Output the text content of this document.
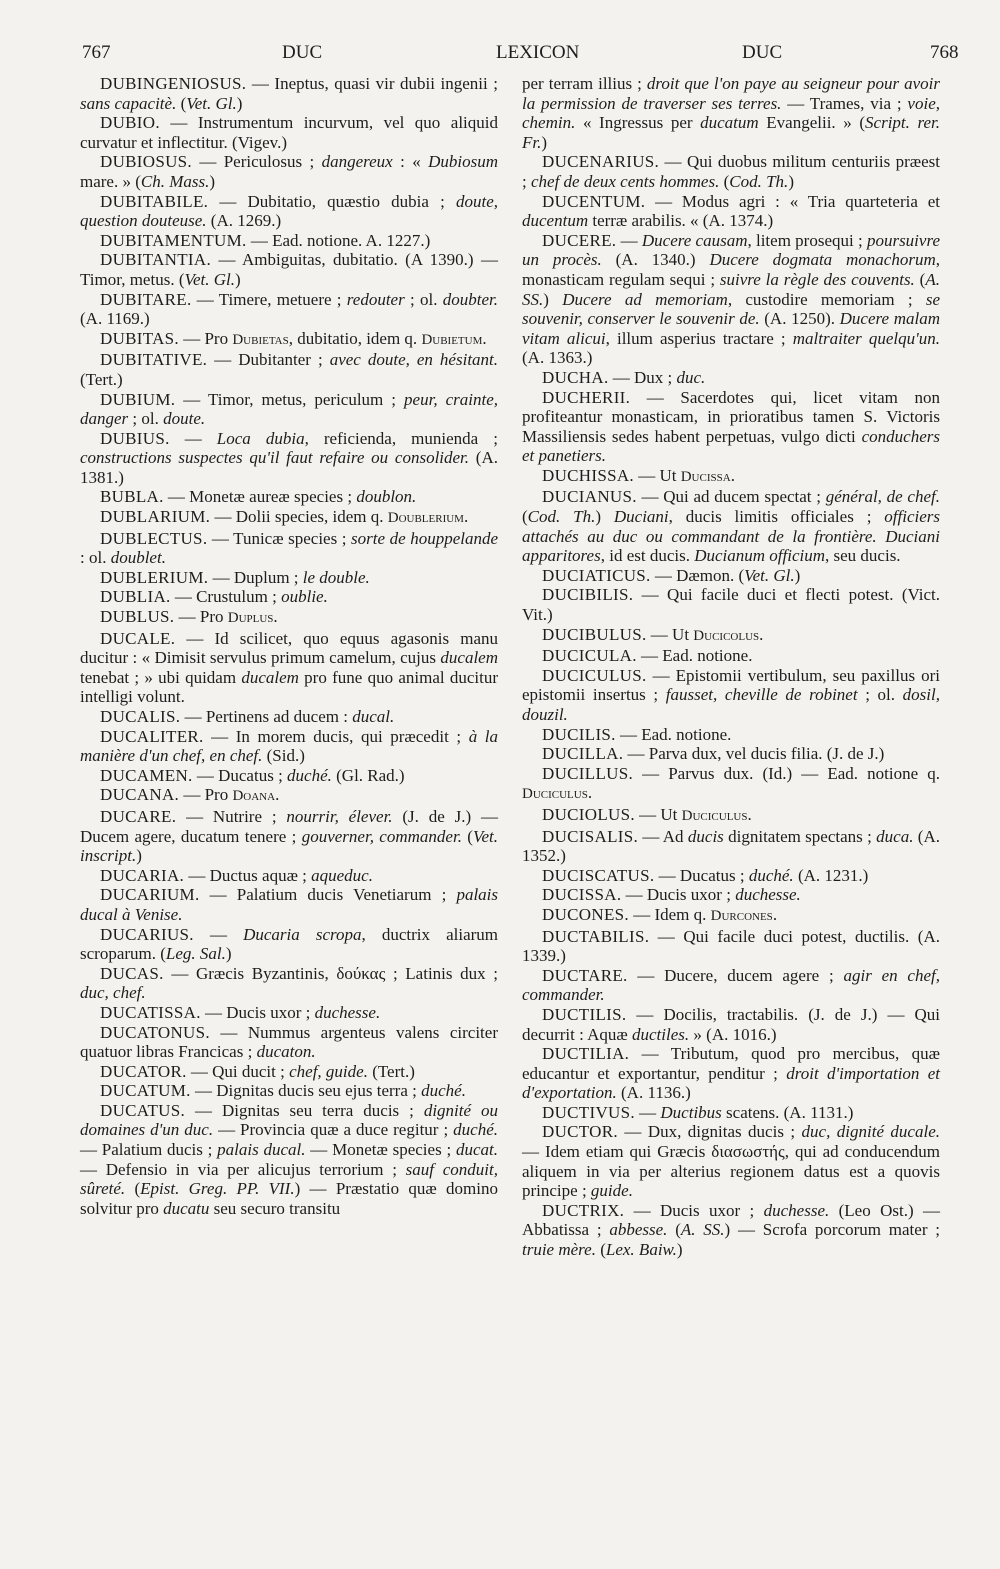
767	DUC	LEXICON	DUC	768

DUBINGENIOSUS. — Ineptus, quasi vir dubii ingenii ; sans capacitè. (Vet. Gl.)

DUBIO. — Instrumentum incurvum, vel quo aliquid curvatur et inflectitur. (Vigev.)

DUBIOSUS. — Periculosus ; dangereux : « Dubiosum mare. » (Ch. Mass.)

DUBITABILE. — Dubitatio, quæstio dubia ; doute, question douteuse. (A. 1269.)

DUBITAMENTUM. — Ead. notione. A. 1227.)

DUBITANTIA. — Ambiguitas, dubitatio. (A 1390.) — Timor, metus. (Vet. Gl.)

DUBITARE. — Timere, metuere ; redouter ; ol. doubter. (A. 1169.)

DUBITAS. — Pro Dubietas, dubitatio, idem q. Dubietum.

DUBITATIVE. — Dubitanter ; avec doute, en hésitant. (Tert.)

DUBIUM. — Timor, metus, periculum ; peur, crainte, danger ; ol. doute.

DUBIUS. — Loca dubia, reficienda, munienda ; constructions suspectes qu'il faut refaire ou consolider. (A. 1381.)

BUBLA. — Monetæ aureæ species ; doublon.

DUBLARIUM. — Dolii species, idem q. Doublerium.

DUBLECTUS. — Tunicæ species ; sorte de houppelande : ol. doublet.

DUBLERIUM. — Duplum ; le double.

DUBLIA. — Crustulum ; oublie.

DUBLUS. — Pro Duplus.

DUCALE. — Id scilicet, quo equus agasonis manu ducitur : « Dimisit servulus primum camelum, cujus ducalem tenebat ; » ubi quidam ducalem pro fune quo animal ducitur intelligi volunt.

DUCALIS. — Pertinens ad ducem : ducal.

DUCALITER. — In morem ducis, qui præcedit ; à la manière d'un chef, en chef. (Sid.)

DUCAMEN. — Ducatus ; duché. (Gl. Rad.)

DUCANA. — Pro Doana.

DUCARE. — Nutrire ; nourrir, élever. (J. de J.) — Ducem agere, ducatum tenere ; gouverner, commander. (Vet. inscript.)

DUCARIA. — Ductus aquæ ; aqueduc.

DUCARIUM. — Palatium ducis Venetiarum ; palais ducal à Venise.

DUCARIUS. — Ducaria scropa, ductrix aliarum scroparum. (Leg. Sal.)

DUCAS. — Græcis Byzantinis, δούκας ; Latinis dux ; duc, chef.

DUCATISSA. — Ducis uxor ; duchesse.

DUCATONUS. — Nummus argenteus valens circiter quatuor libras Francicas ; ducaton.

DUCATOR. — Qui ducit ; chef, guide. (Tert.)

DUCATUM. — Dignitas ducis seu ejus terra ; duché.

DUCATUS. — Dignitas seu terra ducis ; dignité ou domaines d'un duc. — Provincia quæ a duce regitur ; duché. — Palatium ducis ; palais ducal. — Monetæ species ; ducat. — Defensio in via per alicujus terrorium ; sauf conduit, sûreté. (Epist. Greg. PP. VII.) — Præstatio quæ domino solvitur pro ducatu seu securo transitu

per terram illius ; droit que l'on paye au seigneur pour avoir la permission de traverser ses terres. — Trames, via ; voie, chemin. « Ingressus per ducatum Evangelii. » (Script. rer. Fr.)

DUCENARIUS. — Qui duobus militum centuriis præest ; chef de deux cents hommes. (Cod. Th.)

DUCENTUM. — Modus agri : « Tria quarteteria et ducentum terræ arabilis. « (A. 1374.)

DUCERE. — Ducere causam, litem prosequi ; poursuivre un procès. (A. 1340.) Ducere dogmata monachorum, monasticam regulam sequi ; suivre la règle des couvents. (A. SS.) Ducere ad memoriam, custodire memoriam ; se souvenir, conserver le souvenir de. (A. 1250). Ducere malam vitam alicui, illum asperius tractare ; maltraiter quelqu'un. (A. 1363.)

DUCHA. — Dux ; duc.

DUCHERII. — Sacerdotes qui, licet vitam non profiteantur monasticam, in prioratibus tamen S. Victoris Massiliensis sedes habent perpetuas, vulgo dicti conduchers et panetiers.

DUCHISSA. — Ut Ducissa.

DUCIANUS. — Qui ad ducem spectat ; général, de chef. (Cod. Th.) Duciani, ducis limitis officiales ; officiers attachés au duc ou commandant de la frontière. Duciani apparitores, id est ducis. Ducianum officium, seu ducis.

DUCIATICUS. — Dæmon. (Vet. Gl.)

DUCIBILIS. — Qui facile duci et flecti potest. (Vict. Vit.)

DUCIBULUS. — Ut Ducicolus.

DUCICULA. — Ead. notione.

DUCICULUS. — Epistomii vertibulum, seu paxillus ori epistomii insertus ; fausset, cheville de robinet ; ol. dosil, douzil.

DUCILIS. — Ead. notione.

DUCILLA. — Parva dux, vel ducis filia. (J. de J.)

DUCILLUS. — Parvus dux. (Id.) — Ead. notione q. Duciculus.

DUCIOLUS. — Ut Duciculus.

DUCISALIS. — Ad ducis dignitatem spectans ; duca. (A. 1352.)

DUCISCATUS. — Ducatus ; duché. (A. 1231.)

DUCISSA. — Ducis uxor ; duchesse.

DUCONES. — Idem q. Durcones.

DUCTABILIS. — Qui facile duci potest, ductilis. (A. 1339.)

DUCTARE. — Ducere, ducem agere ; agir en chef, commander.

DUCTILIS. — Docilis, tractabilis. (J. de J.) — Qui decurrit : Aquæ ductiles. » (A. 1016.)

DUCTILIA. — Tributum, quod pro mercibus, quæ educantur et exportantur, penditur ; droit d'importation et d'exportation. (A. 1136.)

DUCTIVUS. — Ductibus scatens. (A. 1131.)

DUCTOR. — Dux, dignitas ducis ; duc, dignité ducale. — Idem etiam qui Græcis διασωστής, qui ad conducendum aliquem in via per alterius regionem datus est a quovis principe ; guide.

DUCTRIX. — Ducis uxor ; duchesse. (Leo Ost.) — Abbatissa ; abbesse. (A. SS.) — Scrofa porcorum mater ; truie mère. (Lex. Baiw.)
